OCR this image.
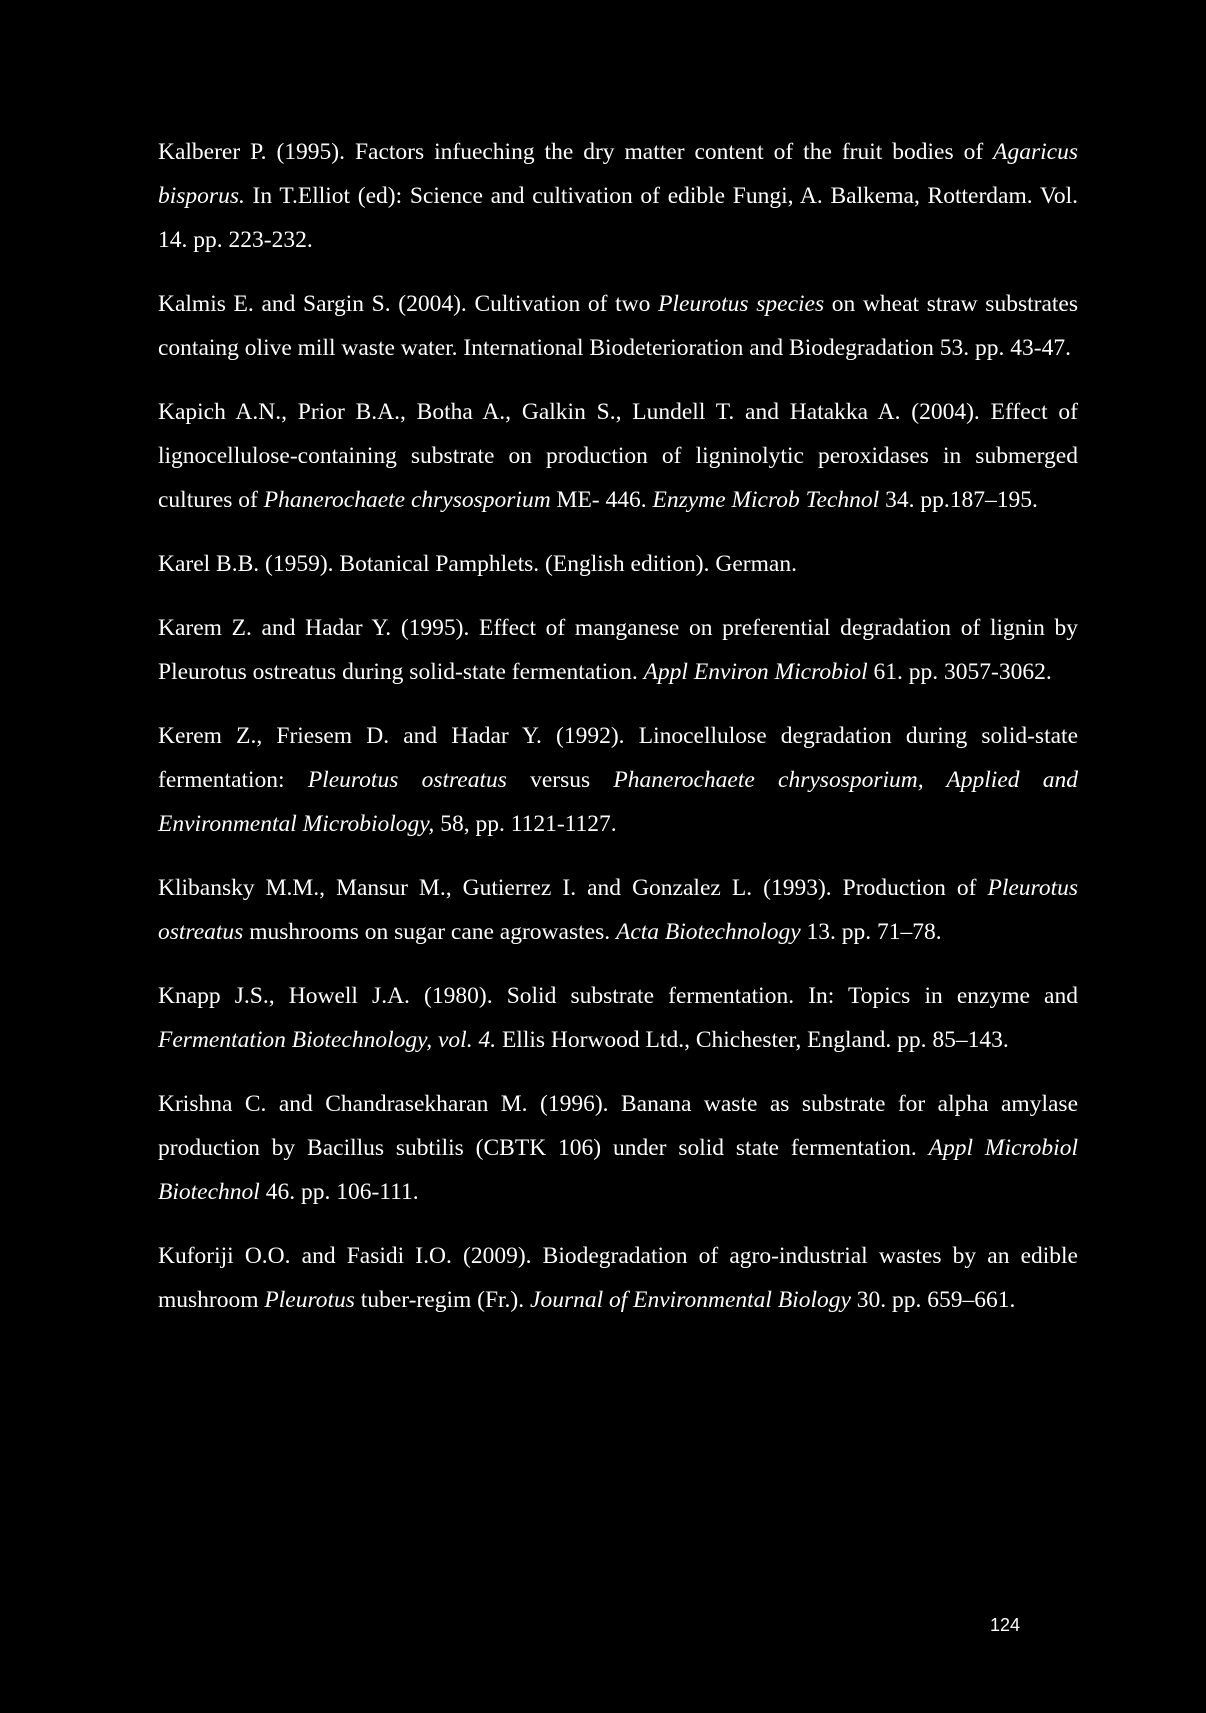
Kalberer P. (1995). Factors infueching the dry matter content of the fruit bodies of Agaricus bisporus. In T.Elliot (ed): Science and cultivation of edible Fungi, A. Balkema, Rotterdam. Vol. 14. pp. 223-232.

Kalmis E. and Sargin S. (2004). Cultivation of two Pleurotus species on wheat straw substrates containg olive mill waste water. International Biodeterioration and Biodegradation 53. pp. 43-47.

Kapich A.N., Prior B.A., Botha A., Galkin S., Lundell T. and Hatakka A. (2004). Effect of lignocellulose-containing substrate on production of ligninolytic peroxidases in submerged cultures of Phanerochaete chrysosporium ME- 446. Enzyme Microb Technol 34. pp.187–195.

Karel B.B. (1959). Botanical Pamphlets. (English edition). German.

Karem Z. and Hadar Y. (1995). Effect of manganese on preferential degradation of lignin by Pleurotus ostreatus during solid-state fermentation. Appl Environ Microbiol 61. pp. 3057-3062.

Kerem Z., Friesem D. and Hadar Y. (1992). Linocellulose degradation during solid-state fermentation: Pleurotus ostreatus versus Phanerochaete chrysosporium, Applied and Environmental Microbiology, 58, pp. 1121-1127.

Klibansky M.M., Mansur M., Gutierrez I. and Gonzalez L. (1993). Production of Pleurotus ostreatus mushrooms on sugar cane agrowastes. Acta Biotechnology 13. pp. 71–78.

Knapp J.S., Howell J.A. (1980). Solid substrate fermentation. In: Topics in enzyme and Fermentation Biotechnology, vol. 4. Ellis Horwood Ltd., Chichester, England. pp. 85–143.

Krishna C. and Chandrasekharan M. (1996). Banana waste as substrate for alpha amylase production by Bacillus subtilis (CBTK 106) under solid state fermentation. Appl Microbiol Biotechnol 46. pp. 106-111.

Kuforiji O.O. and Fasidi I.O. (2009). Biodegradation of agro-industrial wastes by an edible mushroom Pleurotus tuber-regim (Fr.). Journal of Environmental Biology 30. pp. 659–661.

124
